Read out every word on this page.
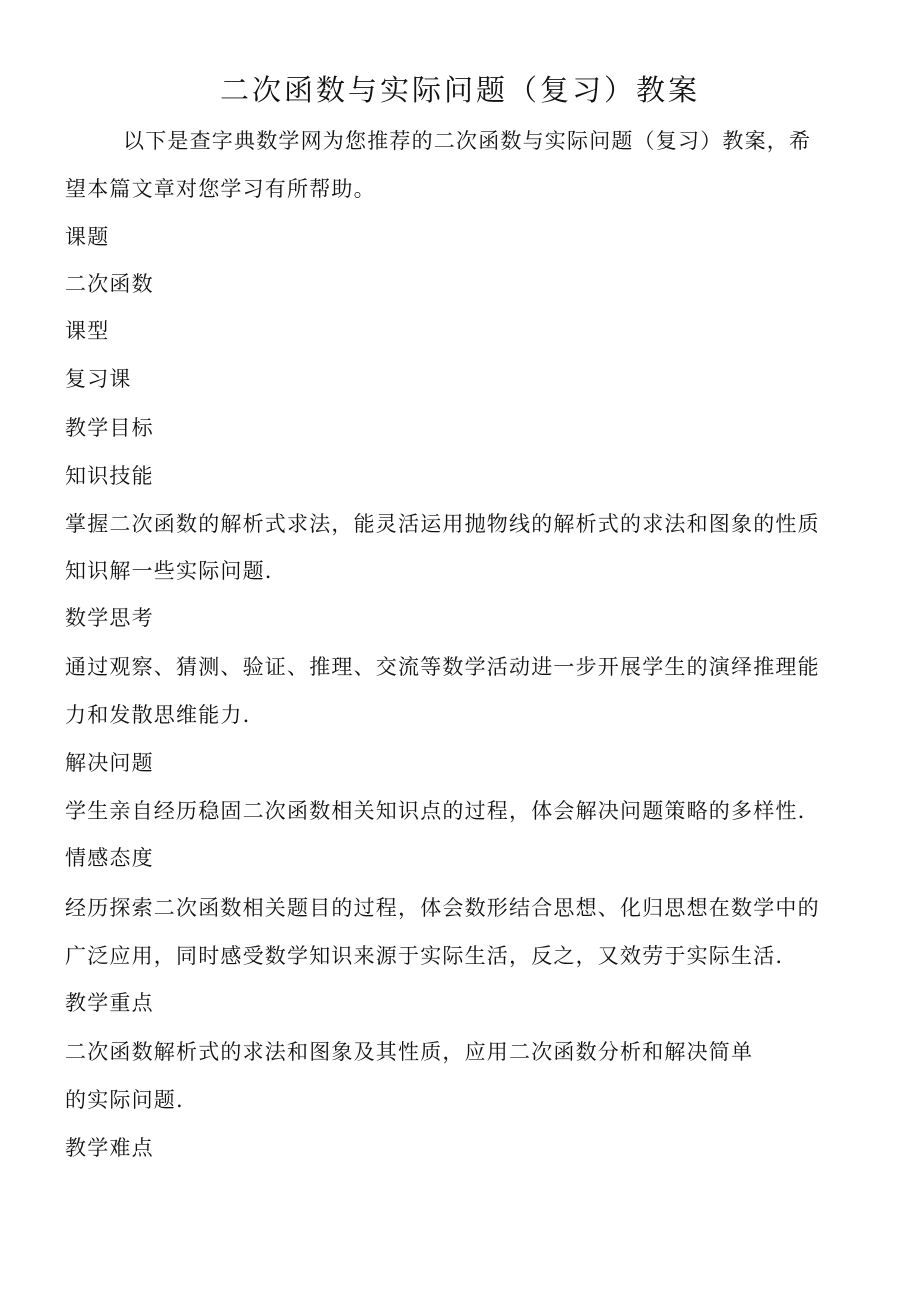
二次函数与实际问题（复习）教案
以下是查字典数学网为您推荐的二次函数与实际问题（复习）教案，希
望本篇文章对您学习有所帮助。
课题
二次函数
课型
复习课
教学目标
知识技能
掌握二次函数的解析式求法，能灵活运用抛物线的解析式的求法和图象的性质
知识解一些实际问题.
数学思考
通过观察、猜测、验证、推理、交流等数学活动进一步开展学生的演绎推理能
力和发散思维能力.
解决问题
学生亲自经历稳固二次函数相关知识点的过程，体会解决问题策略的多样性.
情感态度
经历探索二次函数相关题目的过程，体会数形结合思想、化归思想在数学中的
广泛应用，同时感受数学知识来源于实际生活，反之，又效劳于实际生活.
教学重点
二次函数解析式的求法和图象及其性质，应用二次函数分析和解决简单
的实际问题.
教学难点
